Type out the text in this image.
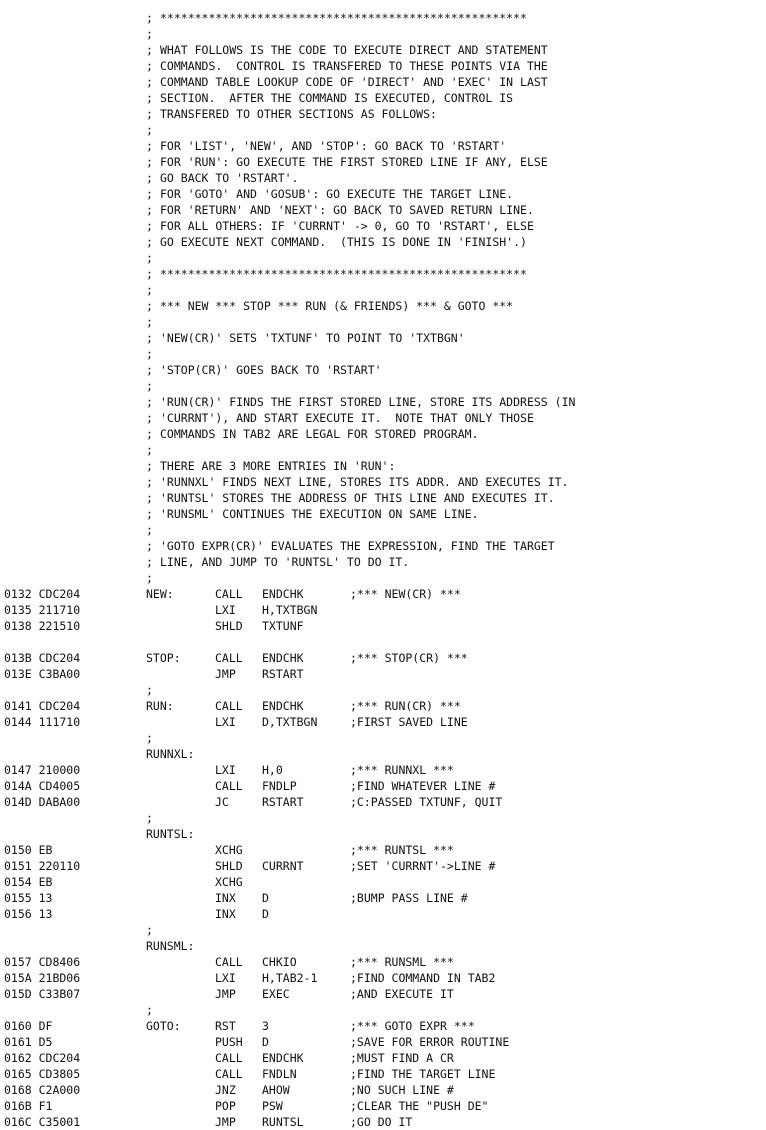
; *****************************************************
;
; WHAT FOLLOWS IS THE CODE TO EXECUTE DIRECT AND STATEMENT
; COMMANDS.  CONTROL IS TRANSFERED TO THESE POINTS VIA THE
; COMMAND TABLE LOOKUP CODE OF 'DIRECT' AND 'EXEC' IN LAST
; SECTION.  AFTER THE COMMAND IS EXECUTED, CONTROL IS
; TRANSFERED TO OTHER SECTIONS AS FOLLOWS:
;
; FOR 'LIST', 'NEW', AND 'STOP': GO BACK TO 'RSTART'
; FOR 'RUN': GO EXECUTE THE FIRST STORED LINE IF ANY, ELSE
; GO BACK TO 'RSTART'.
; FOR 'GOTO' AND 'GOSUB': GO EXECUTE THE TARGET LINE.
; FOR 'RETURN' AND 'NEXT': GO BACK TO SAVED RETURN LINE.
; FOR ALL OTHERS: IF 'CURRNT' -> 0, GO TO 'RSTART', ELSE
; GO EXECUTE NEXT COMMAND.  (THIS IS DONE IN 'FINISH'.)
;
; *****************************************************
;
; *** NEW *** STOP *** RUN (& FRIENDS) *** & GOTO ***
;
; 'NEW(CR)' SETS 'TXTUNF' TO POINT TO 'TXTBGN'
;
; 'STOP(CR)' GOES BACK TO 'RSTART'
;
; 'RUN(CR)' FINDS THE FIRST STORED LINE, STORE ITS ADDRESS (IN
; 'CURRNT'), AND START EXECUTE IT.  NOTE THAT ONLY THOSE
; COMMANDS IN TAB2 ARE LEGAL FOR STORED PROGRAM.
;
; THERE ARE 3 MORE ENTRIES IN 'RUN':
; 'RUNNXL' FINDS NEXT LINE, STORES ITS ADDR. AND EXECUTES IT.
; 'RUNTSL' STORES THE ADDRESS OF THIS LINE AND EXECUTES IT.
; 'RUNSML' CONTINUES THE EXECUTION ON SAME LINE.
;
; 'GOTO EXPR(CR)' EVALUATES THE EXPRESSION, FIND THE TARGET
; LINE, AND JUMP TO 'RUNTSL' TO DO IT.
;
0132 CDC204	NEW:	CALL ENDCHK	;*** NEW(CR) ***
0135 211710	LXI H,TXTBGN
0138 221510	SHLD TXTUNF
013B CDC204	STOP:	CALL ENDCHK	;*** STOP(CR) ***
013E C3BA00	JMP RSTART
;
0141 CDC204	RUN:	CALL ENDCHK	;*** RUN(CR) ***
0144 111710	LXI D,TXTBGN	;FIRST SAVED LINE
;
RUNNXL:
0147 210000	LXI H,0	;*** RUNNXL ***
014A CD4005	CALL FNDLP	;FIND WHATEVER LINE #
014D DABA00	JC	RSTART	;C:PASSED TXTUNF, QUIT
;
RUNTSL:
0150 EB	XCHG	;*** RUNTSL ***
0151 220110	SHLD CURRNT	;SET 'CURRNT'->LINE #
0154 EB	XCHG
0155 13	INX D	;BUMP PASS LINE #
0156 13	INX D
;
RUNSML:
0157 CD8406	CALL CHKIO	;*** RUNSML ***
015A 21BD06	LXI H,TAB2-1	;FIND COMMAND IN TAB2
015D C33B07	JMP EXEC	;AND EXECUTE IT
;
0160 DF	GOTO:	RST 3	;*** GOTO EXPR ***
0161 D5	PUSH D	;SAVE FOR ERROR ROUTINE
0162 CDC204	CALL ENDCHK	;MUST FIND A CR
0165 CD3805	CALL FNDLN	;FIND THE TARGET LINE
0168 C2A000	JNZ AHOW	;NO SUCH LINE #
016B F1	POP PSW	;CLEAR THE "PUSH DE"
016C C35001	JMP RUNTSL	;GO DO IT
